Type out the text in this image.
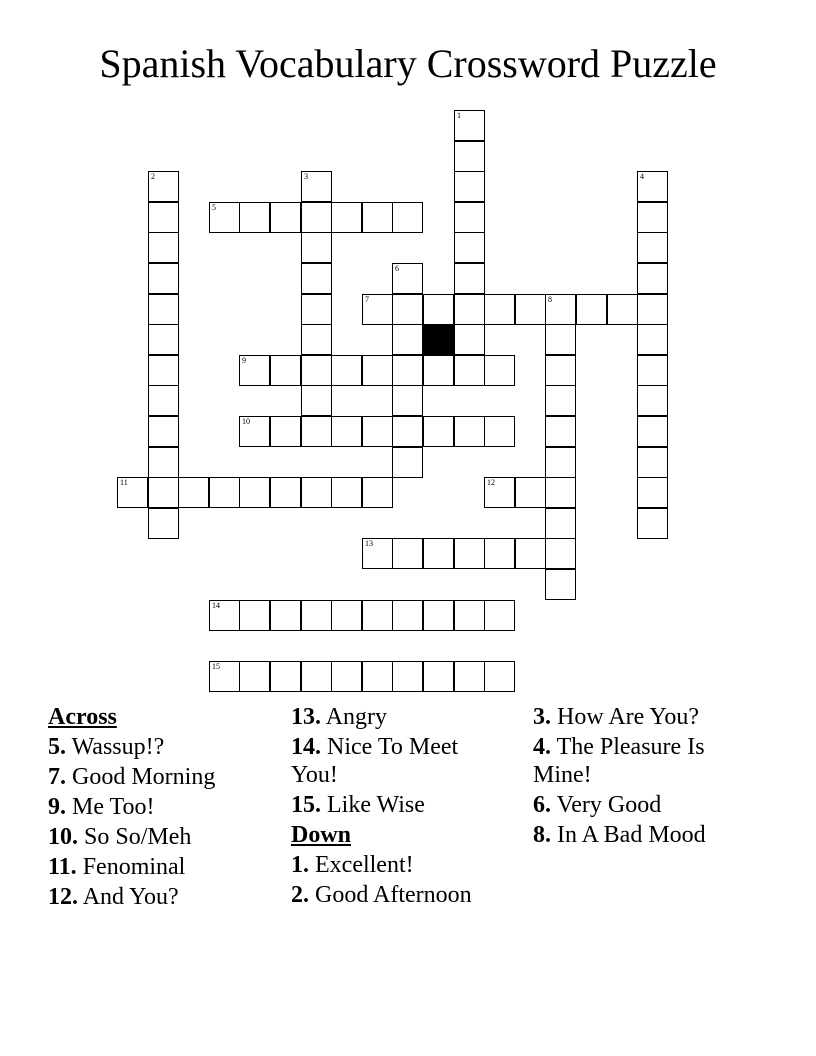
Spanish Vocabulary Crossword Puzzle
5
7	8
9
10
11	12
13
14
15
1
2	3	4
6
Across
5. Wassup!?
7. Good Morning
9. Me Too!
10. So So/Meh
11. Fenominal
12. And You?
13. Angry
14. Nice To Meet You!
15. Like Wise
Down
1. Excellent!
2. Good Afternoon
3. How Are You?
4. The Pleasure Is Mine!
6. Very Good
8. In A Bad Mood
